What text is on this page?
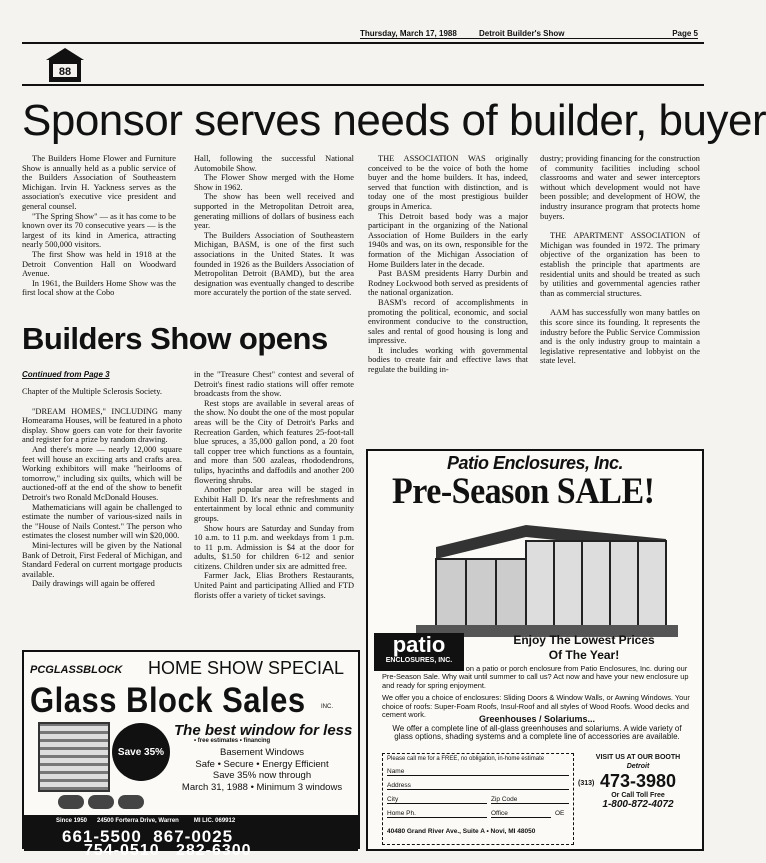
Thursday, March 17, 1988	Detroit Builder's Show	Page 5
88
Sponsor serves needs of builder, buyer

The Builders Home Flower and Furniture Show is annually held as a public service of the Builders Association of Southeastern Michigan. Irvin H. Yackness serves as the association's executive vice president and general counsel.

"The Spring Show" — as it has come to be known over its 70 consecutive years — is the largest of its kind in America, attracting nearly 500,000 visitors.

The first Show was held in 1918 at the Detroit Convention Hall on Woodward Avenue.

In 1961, the Builders Home Show was the first local show at the Cobo

Hall, following the successful National Automobile Show.

The Flower Show merged with the Home Show in 1962.

The show has been well received and supported in the Metropolitan Detroit area, generating millions of dollars of business each year.

The Builders Association of Southeastern Michigan, BASM, is one of the first such associations in the United States. It was founded in 1926 as the Builders Association of Metropolitan Detroit (BAMD), but the area designation was eventually changed to describe more accurately the portion of the state served.

THE ASSOCIATION WAS originally conceived to be the voice of both the home buyer and the home builders. It has, indeed, served that function with distinction, and is today one of the most prestigious builder groups in America.

This Detroit based body was a major participant in the organizing of the National Association of Home Builders in the early 1940s and was, on its own, responsible for the formation of the Michigan Association of Home Builders later in the decade.

Past BASM presidents Harry Durbin and Rodney Lockwood both served as presidents of the national organization.

BASM's record of accomplishments in promoting the political, economic, and social environment conducive to the construction, sales and rental of good housing is long and impressive.

It includes working with governmental bodies to create fair and effective laws that regulate the building in-

dustry; providing financing for the construction of community facilities including school classrooms and water and sewer interceptors without which development would not have been possible; and development of HOW, the industry insurance program that protects home buyers.

THE APARTMENT ASSOCIATION of Michigan was founded in 1972. The primary objective of the organization has been to establish the principle that apartments are residential units and should be treated as such by utilities and governmental agencies rather than as commercial structures.

AAM has successfully won many battles on this score since its founding. It represents the industry before the Public Service Commission and is the only industry group to maintain a legislative representative and lobbyist on the state level.

Builders Show opens

Continued from Page 3

Chapter of the Multiple Sclerosis Society.

"DREAM HOMES," INCLUDING many Homearama Houses, will be featured in a photo display. Show goers can vote for their favorite and register for a prize by random drawing.

And there's more — nearly 12,000 square feet will house an exciting arts and crafts area. Working exhibitors will make "heirlooms of tomorrow," including six quilts, which will be auctioned-off at the end of the show to benefit Detroit's two Ronald McDonald Houses.

Mathematicians will again be challenged to estimate the number of various-sized nails in the "House of Nails Contest." The person who estimates the closest number will win $20,000.

Mini-lectures will be given by the National Bank of Detroit, First Federal of Michigan, and Standard Federal on current mortgage products available.

Daily drawings will again be offered

in the "Treasure Chest" contest and several of Detroit's finest radio stations will offer remote broadcasts from the show.

Rest stops are available in several areas of the show. No doubt the one of the most popular areas will be the City of Detroit's Parks and Recreation Garden, which features 25-foot-tall blue spruces, a 35,000 gallon pond, a 20 foot tall copper tree which functions as a fountain, and more than 500 azaleas, rhododendrons, tulips, hyacinths and daffodils and another 200 flowering shrubs.

Another popular area will be staged in Exhibit Hall D. It's near the refreshments and entertainment by local ethnic and community groups.

Show hours are Saturday and Sunday from 10 a.m. to 11 p.m. and weekdays from 1 p.m. to 11 p.m. Admission is $4 at the door for adults, $1.50 for children 6-12 and senior citizens. Children under six are admitted free.

Farmer Jack, Elias Brothers Restaurants, United Paint and participating Allied and FTD florists offer a variety of ticket savings.

PCGLASSBLOCK HOME SHOW SPECIAL
Glass Block Sales	INC.
Save 35%
The best window for less
• free estimates • financing
Basement Windows
Safe • Secure • Energy Efficient
Save 35% now through
March 31, 1988 • Minimum 3 windows
Since 1950      24500 Forterra Drive, Warren         MI LIC. 069912
661-5500  867-0025
754-0510   282-6300
Patio Enclosures, Inc.
Pre-Season SALE!
patio
ENCLOSURES, INC.
Enjoy The Lowest Prices
Of The Year!

Save hundreds of dollars on a patio or porch enclosure from Patio Enclosures, Inc. during our Pre-Season Sale. Why wait until summer to call us? Act now and have your new enclosure up and ready for spring enjoyment.

We offer you a choice of enclosures: Sliding Doors & Window Walls, or Awning Windows. Your choice of roofs: Super-Foam Roofs, Insul-Roof and all styles of Wood Roofs. Wood decks and cement work.	Greenhouses / Solariums...
We offer a complete line of all-glass greenhouses and solariums. A wide variety of glass options, shading systems and a complete line of accessories are available.
Please call me for a FREE, no obligation, in-home estimate
Name
Address
City	Zip Code
Home Ph.	Office	OE
40480 Grand River Ave., Suite A • Novi, MI 48050
VISIT US AT OUR BOOTH
Detroit
(313) 473-3980
Or Call Toll Free
1-800-872-4072
